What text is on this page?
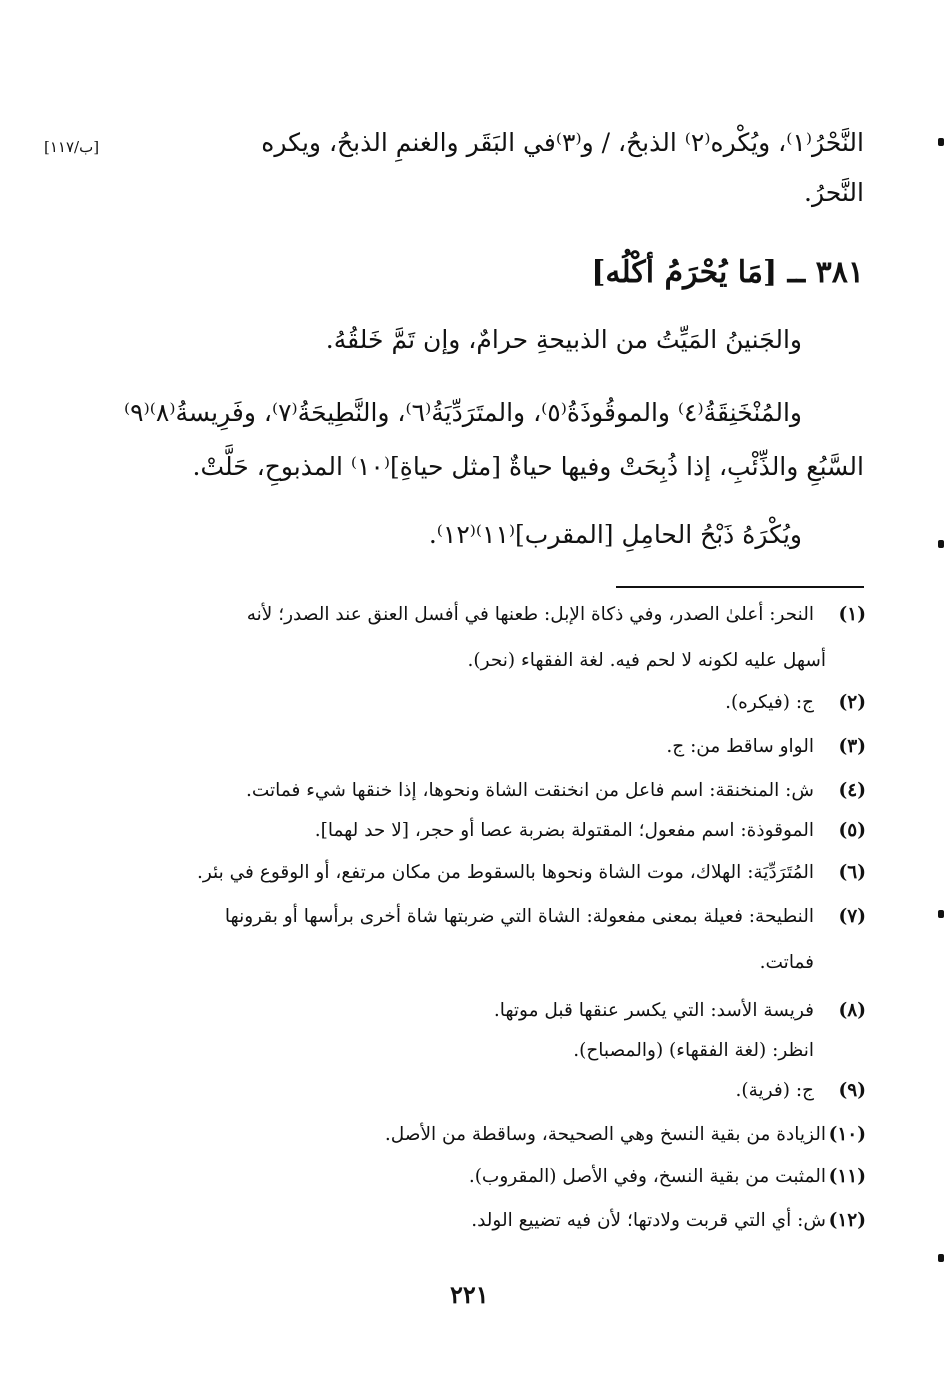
النَّحْرُ⁽١⁾، ويُكْره⁽٢⁾ الذبحُ، / و⁽٣⁾في البَقَر والغنمِ الذبحُ، ويكره
[ب/١١٧]
النَّحرُ.
٣٨١ ــ [مَا يُحْرَمُ أكْلُه]
والجَنينُ المَيِّتُ من الذبيحةِ حرامٌ، وإن تَمَّ خَلقُهُ.
والمُنْخَنِقَةُ⁽٤⁾ والموقُوذَةُ⁽٥⁾، والمتَرَدِّيَةُ⁽٦⁾، والنَّطِيحَةُ⁽٧⁾، وفَرِيسةُ⁽٨⁾⁽٩⁾
السَّبُعِ والذِّئْبِ، إذا ذُبِحَتْ وفيها حياةٌ [مثل حياةِ]⁽١٠⁾ المذبوحِ، حَلَّتْ.
ويُكْرَهُ ذَبْحُ الحامِلِ [المقرب]⁽١١⁾⁽١٢⁾.
(١)
النحر: أعلىٰ الصدر، وفي ذكاة الإبل: طعنها في أفسل العنق عند الصدر؛ لأنه
أسهل عليه لكونه لا لحم فيه. لغة الفقهاء (نحر).
(٢)
ج: (فيكره).
(٣)
الواو ساقط من: ج.
(٤)
ش: المنخنقة: اسم فاعل من انخنقت الشاة ونحوها، إذا خنقها شيء فماتت.
(٥)
الموقوذة: اسم مفعول؛ المقتولة بضربة عصا أو حجر، [لا حد لهما].
(٦)
المُتَرَدِّيَة: الهلاك، موت الشاة ونحوها بالسقوط من مكان مرتفع، أو الوقوع في بئر.
(٧)
النطيحة: فعيلة بمعنى مفعولة: الشاة التي ضربتها شاة أخرى برأسها أو بقرونها
فماتت.
(٨)
فريسة الأسد: التي يكسر عنقها قبل موتها.
انظر: (لغة الفقهاء) (والمصباح).
(٩)
ج: (فرية).
(١٠)
الزيادة من بقية النسخ وهي الصحيحة، وساقطة من الأصل.
(١١)
المثبت من بقية النسخ، وفي الأصل (المقروب).
(١٢)
ش: أي التي قربت ولادتها؛ لأن فيه تضييع الولد.
٢٢١
